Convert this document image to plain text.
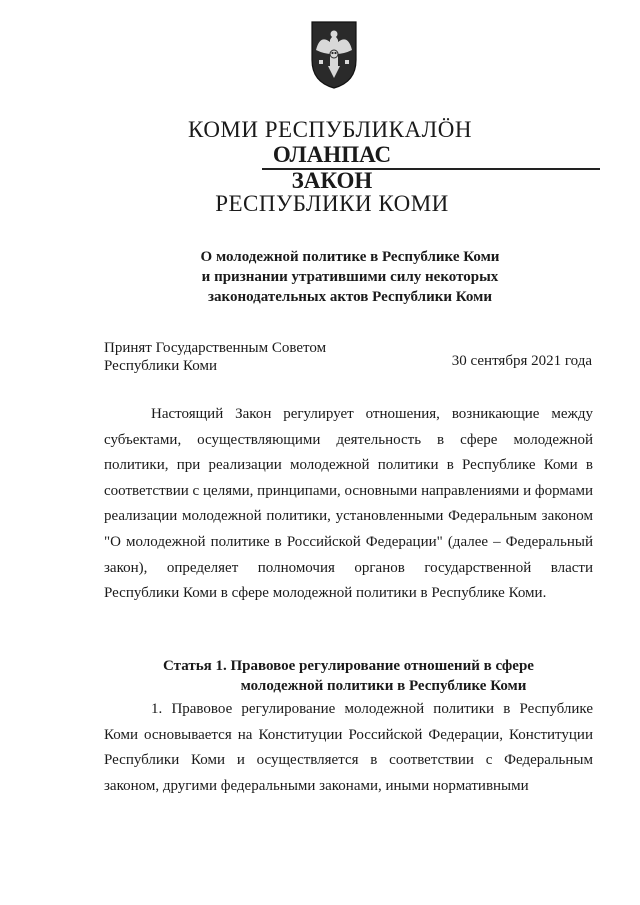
КОМИ РЕСПУБЛИКАЛÖН
ОЛАНПАС
ЗАКОН
РЕСПУБЛИКИ КОМИ
О молодежной политике в Республике Коми
и признании утратившими силу некоторых
законодательных актов Республики Коми
Принят Государственным Советом
Республики Коми	30 сентября 2021 года

Настоящий Закон регулирует отношения, возникающие между субъектами, осуществляющими деятельность в сфере молодежной политики, при реализации молодежной политики в Республике Коми в соответствии с целями, принципами, основными направлениями и формами реализации молодежной политики, установленными Федеральным законом "О молодежной политике в Российской Федерации" (далее – Федеральный закон), определяет полномочия органов государственной власти Республики Коми в сфере молодежной политики в Республике Коми.

Статья 1. Правовое регулирование отношений в сфере
молодежной политики в Республике Коми

1. Правовое регулирование молодежной политики в Республике Коми основывается на Конституции Российской Федерации, Конституции Республики Коми и осуществляется в соответствии с Федеральным законом, другими федеральными законами, иными нормативными
